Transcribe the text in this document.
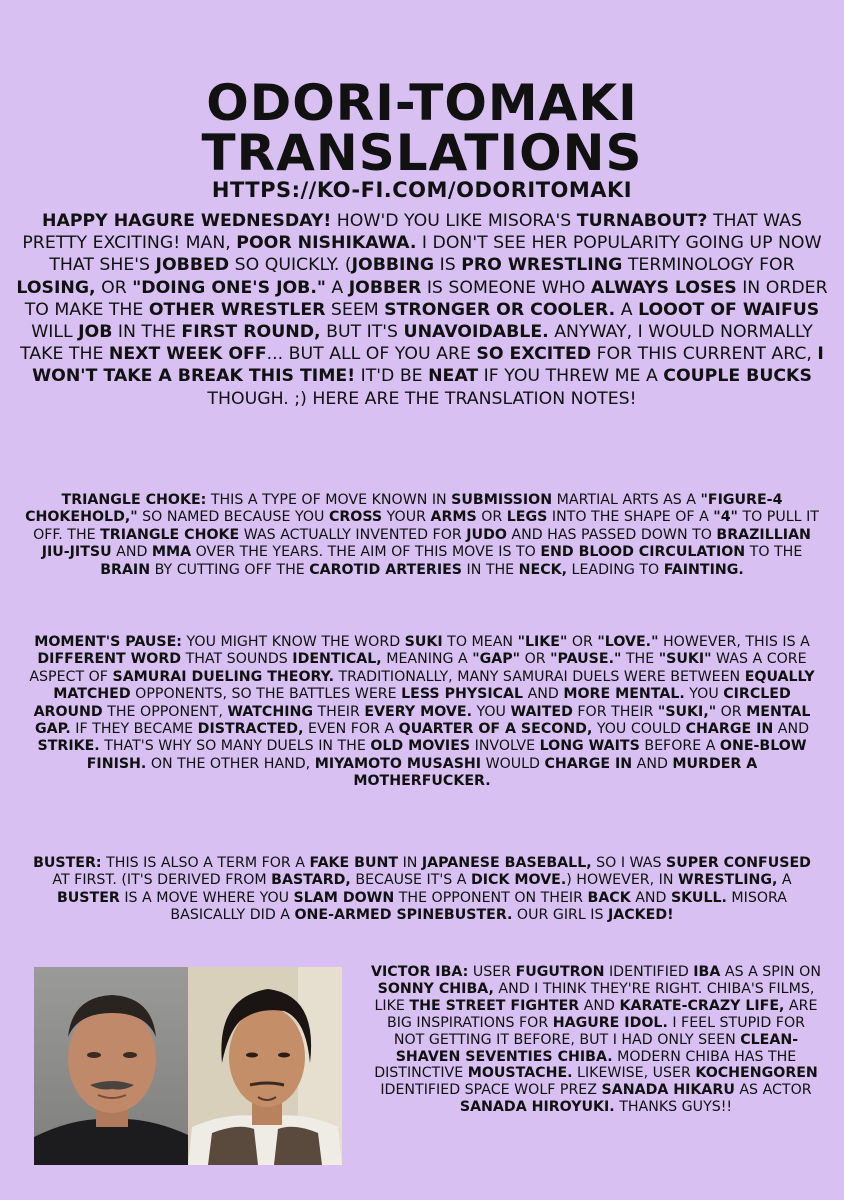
ODORI-TOMAKI TRANSLATIONS
HTTPS://KO-FI.COM/ODORITOMAKI
HAPPY HAGURE WEDNESDAY! HOW'D YOU LIKE MISORA'S TURNABOUT? THAT WAS PRETTY EXCITING! MAN, POOR NISHIKAWA. I DON'T SEE HER POPULARITY GOING UP NOW THAT SHE'S JOBBED SO QUICKLY. (JOBBING IS PRO WRESTLING TERMINOLOGY FOR LOSING, OR "DOING ONE'S JOB." A JOBBER IS SOMEONE WHO ALWAYS LOSES IN ORDER TO MAKE THE OTHER WRESTLER SEEM STRONGER OR COOLER. A LOOOT OF WAIFUS WILL JOB IN THE FIRST ROUND, BUT IT'S UNAVOIDABLE. ANYWAY, I WOULD NORMALLY TAKE THE NEXT WEEK OFF... BUT ALL OF YOU ARE SO EXCITED FOR THIS CURRENT ARC, I WON'T TAKE A BREAK THIS TIME! IT'D BE NEAT IF YOU THREW ME A COUPLE BUCKS THOUGH. ;) HERE ARE THE TRANSLATION NOTES!
TRIANGLE CHOKE: THIS A TYPE OF MOVE KNOWN IN SUBMISSION MARTIAL ARTS AS A "FIGURE-4 CHOKEHOLD," SO NAMED BECAUSE YOU CROSS YOUR ARMS OR LEGS INTO THE SHAPE OF A "4" TO PULL IT OFF. THE TRIANGLE CHOKE WAS ACTUALLY INVENTED FOR JUDO AND HAS PASSED DOWN TO BRAZILLIAN JIU-JITSU AND MMA OVER THE YEARS. THE AIM OF THIS MOVE IS TO END BLOOD CIRCULATION TO THE BRAIN BY CUTTING OFF THE CAROTID ARTERIES IN THE NECK, LEADING TO FAINTING.
MOMENT'S PAUSE: YOU MIGHT KNOW THE WORD SUKI TO MEAN "LIKE" OR "LOVE." HOWEVER, THIS IS A DIFFERENT WORD THAT SOUNDS IDENTICAL, MEANING A "GAP" OR "PAUSE." THE "SUKI" WAS A CORE ASPECT OF SAMURAI DUELING THEORY. TRADITIONALLY, MANY SAMURAI DUELS WERE BETWEEN EQUALLY MATCHED OPPONENTS, SO THE BATTLES WERE LESS PHYSICAL AND MORE MENTAL. YOU CIRCLED AROUND THE OPPONENT, WATCHING THEIR EVERY MOVE. YOU WAITED FOR THEIR "SUKI," OR MENTAL GAP. IF THEY BECAME DISTRACTED, EVEN FOR A QUARTER OF A SECOND, YOU COULD CHARGE IN AND STRIKE. THAT'S WHY SO MANY DUELS IN THE OLD MOVIES INVOLVE LONG WAITS BEFORE A ONE-BLOW FINISH. ON THE OTHER HAND, MIYAMOTO MUSASHI WOULD CHARGE IN AND MURDER A MOTHERFUCKER.
BUSTER: THIS IS ALSO A TERM FOR A FAKE BUNT IN JAPANESE BASEBALL, SO I WAS SUPER CONFUSED AT FIRST. (IT'S DERIVED FROM BASTARD, BECAUSE IT'S A DICK MOVE.) HOWEVER, IN WRESTLING, A BUSTER IS A MOVE WHERE YOU SLAM DOWN THE OPPONENT ON THEIR BACK AND SKULL. MISORA BASICALLY DID A ONE-ARMED SPINEBUSTER. OUR GIRL IS JACKED!
VICTOR IBA: USER FUGUTRON IDENTIFIED IBA AS A SPIN ON SONNY CHIBA, AND I THINK THEY'RE RIGHT. CHIBA'S FILMS, LIKE THE STREET FIGHTER AND KARATE-CRAZY LIFE, ARE BIG INSPIRATIONS FOR HAGURE IDOL. I FEEL STUPID FOR NOT GETTING IT BEFORE, BUT I HAD ONLY SEEN CLEAN-SHAVEN SEVENTIES CHIBA. MODERN CHIBA HAS THE DISTINCTIVE MOUSTACHE. LIKEWISE, USER KOCHENGOREN IDENTIFIED SPACE WOLF PREZ SANADA HIKARU AS ACTOR SANADA HIROYUKI. THANKS GUYS!!
